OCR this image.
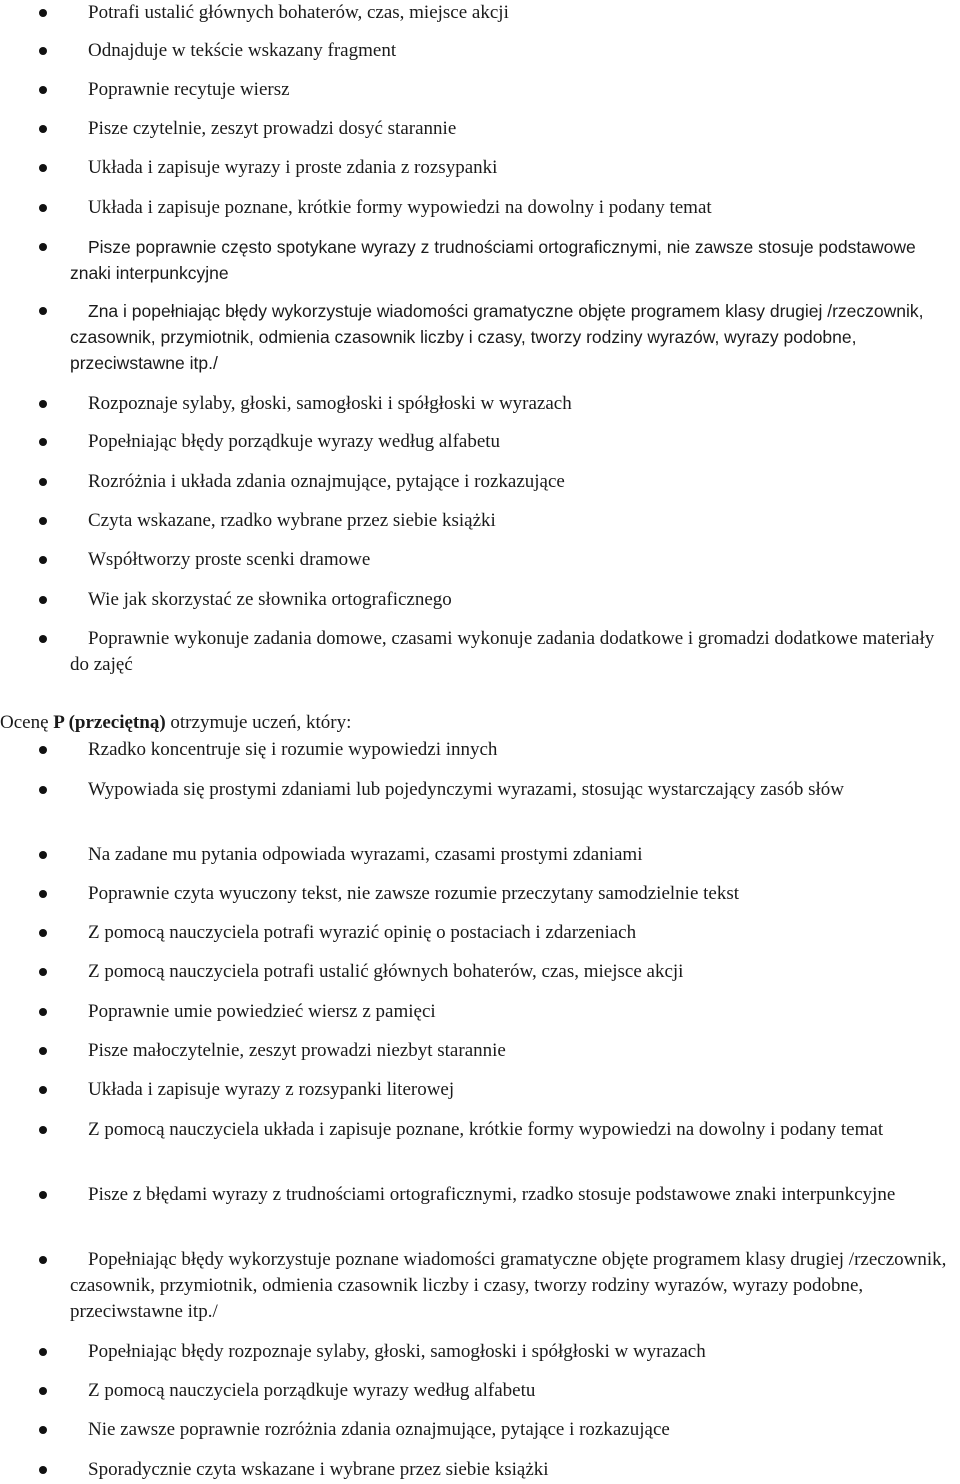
Potrafi ustalić głównych bohaterów, czas, miejsce akcji
Odnajduje w tekście wskazany fragment
Poprawnie recytuje wiersz
Pisze czytelnie, zeszyt prowadzi dosyć starannie
Układa i zapisuje wyrazy i proste zdania z rozsypanki
Układa i zapisuje poznane, krótkie formy wypowiedzi na dowolny i podany temat
Pisze poprawnie często spotykane wyrazy z trudnościami ortograficznymi, nie zawsze stosuje podstawowe znaki interpunkcyjne
Zna i popełniając błędy wykorzystuje wiadomości gramatyczne objęte programem klasy drugiej /rzeczownik, czasownik, przymiotnik, odmienia czasownik liczby i czasy, tworzy rodziny wyrazów, wyrazy podobne, przeciwstawne itp./
Rozpoznaje sylaby, głoski, samogłoski i spółgłoski w wyrazach
Popełniając błędy porządkuje wyrazy według alfabetu
Rozróżnia i układa zdania oznajmujące, pytające i rozkazujące
Czyta wskazane, rzadko wybrane przez siebie książki
Współtworzy proste scenki dramowe
Wie jak skorzystać ze słownika ortograficznego
Poprawnie wykonuje zadania domowe, czasami wykonuje zadania dodatkowe i gromadzi dodatkowe materiały do zajęć
Ocenę P (przeciętną) otrzymuje uczeń, który:
Rzadko koncentruje się i rozumie wypowiedzi innych
Wypowiada się prostymi zdaniami lub pojedynczymi wyrazami, stosując wystarczający zasób słów
Na zadane mu pytania odpowiada wyrazami, czasami prostymi zdaniami
Poprawnie czyta wyuczony tekst, nie zawsze rozumie przeczytany samodzielnie tekst
Z pomocą nauczyciela potrafi wyrazić opinię o postaciach i zdarzeniach
Z pomocą nauczyciela potrafi ustalić głównych bohaterów, czas, miejsce akcji
Poprawnie umie powiedzieć wiersz z pamięci
Pisze małoczytelnie, zeszyt prowadzi niezbyt starannie
Układa i zapisuje wyrazy z rozsypanki literowej
Z pomocą nauczyciela układa i zapisuje poznane, krótkie formy wypowiedzi na dowolny i podany temat
Pisze z błędami wyrazy z trudnościami ortograficznymi, rzadko stosuje podstawowe znaki interpunkcyjne
Popełniając błędy wykorzystuje poznane wiadomości gramatyczne objęte programem klasy drugiej /rzeczownik, czasownik, przymiotnik, odmienia czasownik liczby i czasy, tworzy rodziny wyrazów, wyrazy podobne, przeciwstawne itp./
Popełniając błędy rozpoznaje sylaby, głoski, samogłoski i spółgłoski w wyrazach
Z pomocą nauczyciela porządkuje wyrazy według alfabetu
Nie zawsze poprawnie rozróżnia zdania oznajmujące, pytające i rozkazujące
Sporadycznie czyta wskazane i wybrane przez siebie książki
